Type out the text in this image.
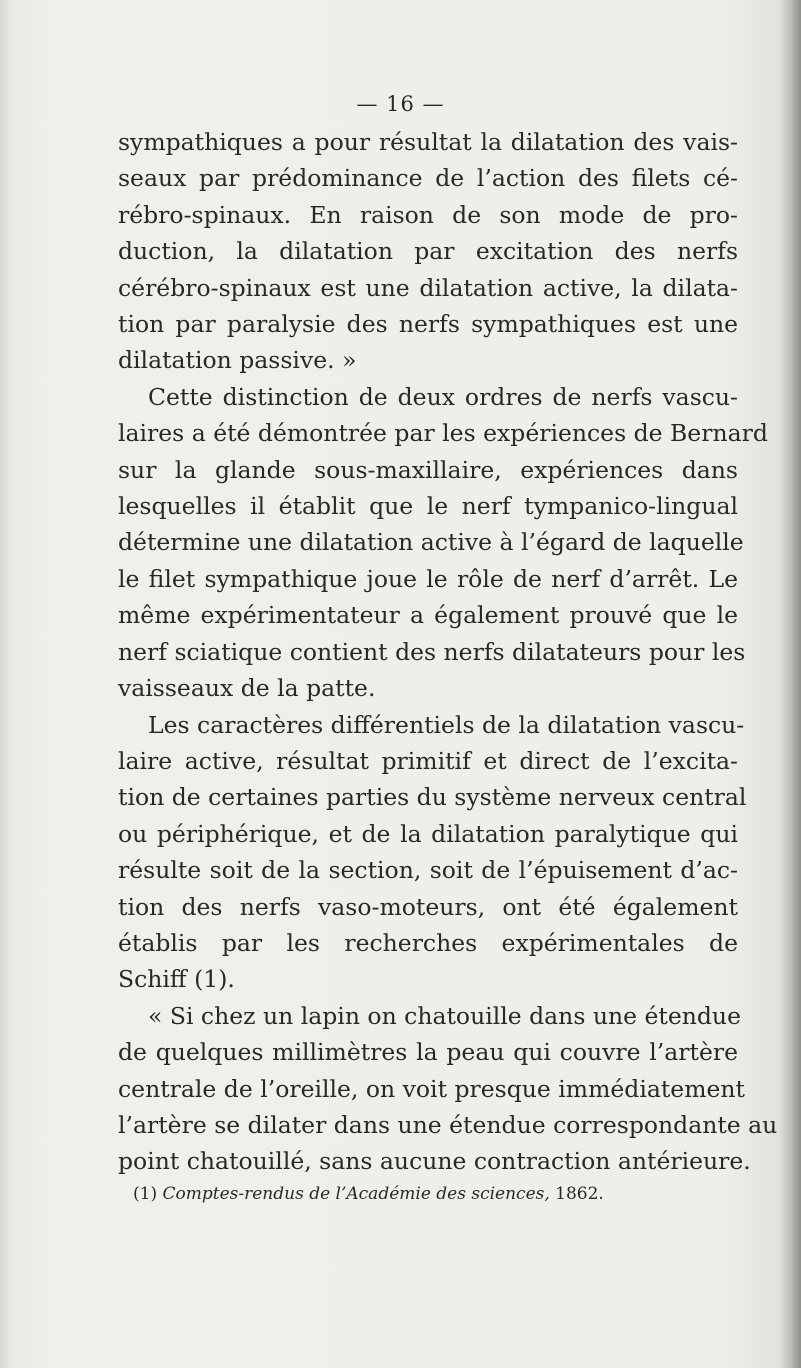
— 16 —
sympathiques a pour résultat la dilatation des vais-
seaux par prédominance de l’action des filets cé-
rébro-spinaux. En raison de son mode de pro-
duction, la dilatation par excitation des nerfs
cérébro-spinaux est une dilatation active, la dilata-
tion par paralysie des nerfs sympathiques est une
dilatation passive. »
Cette distinction de deux ordres de nerfs vascu-
laires a été démontrée par les expériences de Bernard
sur la glande sous-maxillaire, expériences dans
lesquelles il établit que le nerf tympanico-lingual
détermine une dilatation active à l’égard de laquelle
le filet sympathique joue le rôle de nerf d’arrêt. Le
même expérimentateur a également prouvé que le
nerf sciatique contient des nerfs dilatateurs pour les
vaisseaux de la patte.
Les caractères différentiels de la dilatation vascu-
laire active, résultat primitif et direct de l’excita-
tion de certaines parties du système nerveux central
ou périphérique, et de la dilatation paralytique qui
résulte soit de la section, soit de l’épuisement d’ac-
tion des nerfs vaso-moteurs, ont été également
établis par les recherches expérimentales de
Schiff (1).
« Si chez un lapin on chatouille dans une étendue
de quelques millimètres la peau qui couvre l’artère
centrale de l’oreille, on voit presque immédiatement
l’artère se dilater dans une étendue correspondante au
point chatouillé, sans aucune contraction antérieure.
(1) Comptes-rendus de l’Académie des sciences, 1862.
